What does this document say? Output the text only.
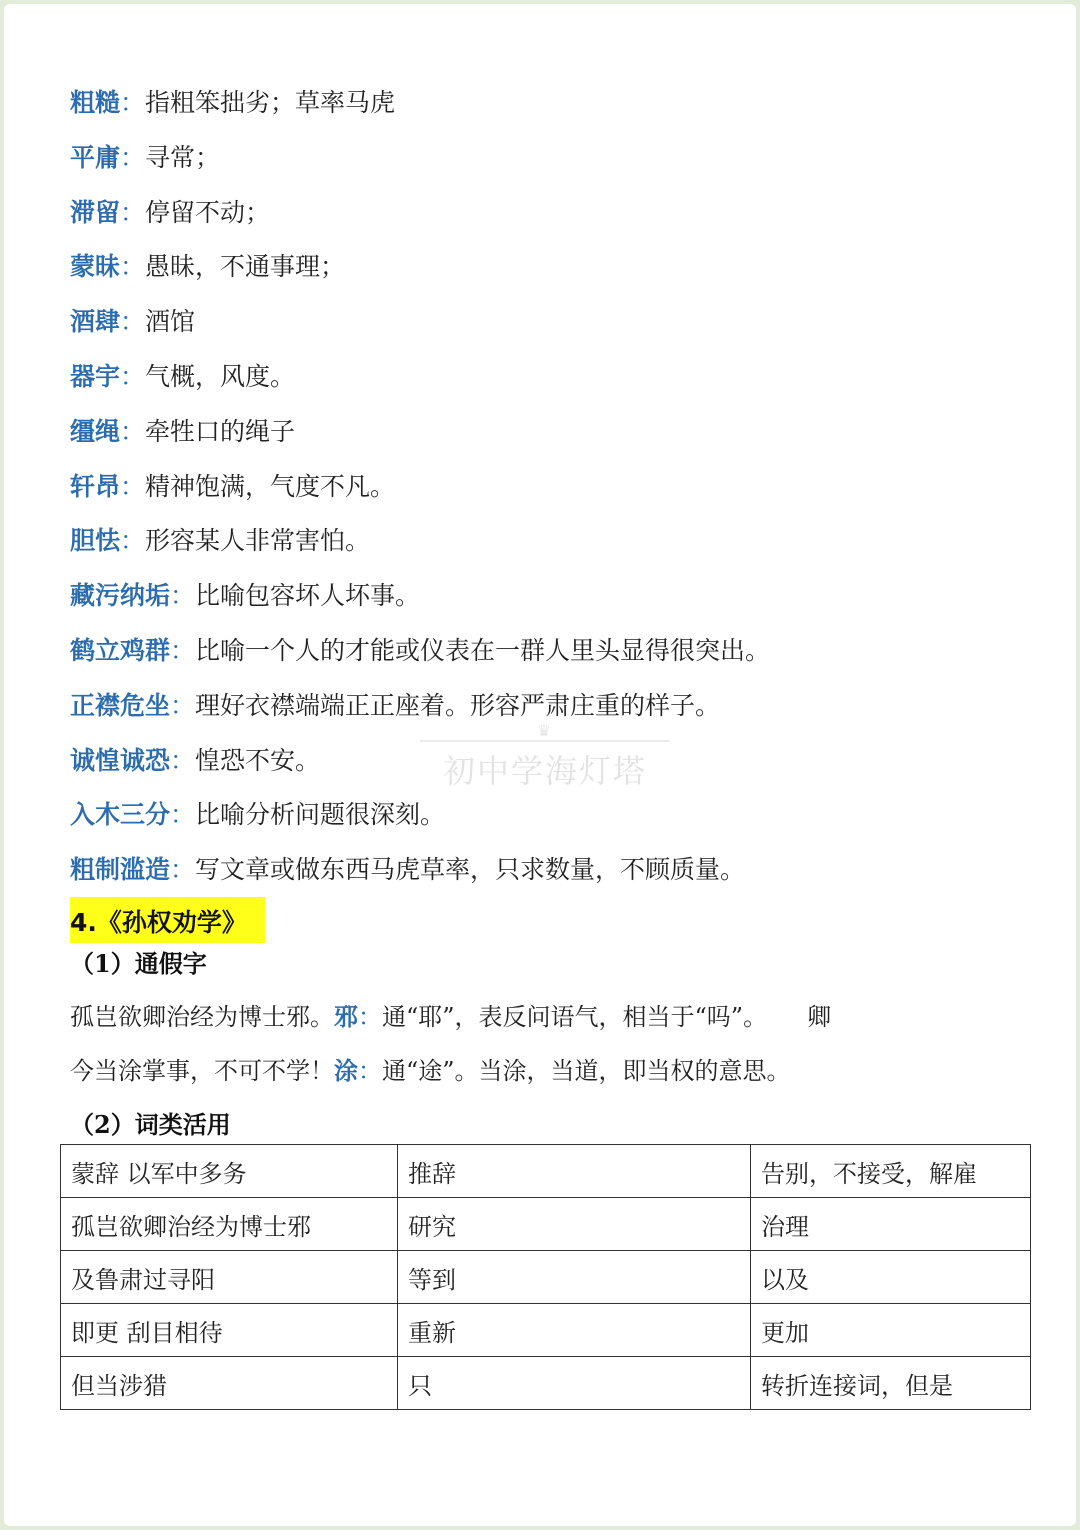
粗糙：指粗笨拙劣；草率马虎
平庸：寻常；
滞留：停留不动；
蒙昧：愚昧，不通事理；
酒肆：酒馆
器宇：气概，风度。
缰绳：牵牲口的绳子
轩昂：精神饱满，气度不凡。
胆怯：形容某人非常害怕。
藏污纳垢：比喻包容坏人坏事。
鹤立鸡群：比喻一个人的才能或仪表在一群人里头显得很突出。
正襟危坐：理好衣襟端端正正座着。形容严肃庄重的样子。
诚惶诚恐：惶恐不安。
入木三分：比喻分析问题很深刻。
粗制滥造：写文章或做东西马虎草率，只求数量，不顾质量。
♛
初中学海灯塔
4.《孙权劝学》
（1）通假字
孤岂欲卿治经为博士邪。邪：通“耶”，表反问语气，相当于“吗”。 卿
今当涂掌事，不可不学！涂：通“途”。当涂，当道，即当权的意思。
（2）词类活用
蒙辞 以军中多务	推辞	告别，不接受，解雇
孤岂欲卿治经为博士邪	研究	治理
及鲁肃过寻阳	等到	以及
即更 刮目相待	重新	更加
但当涉猎	只	转折连接词，但是
